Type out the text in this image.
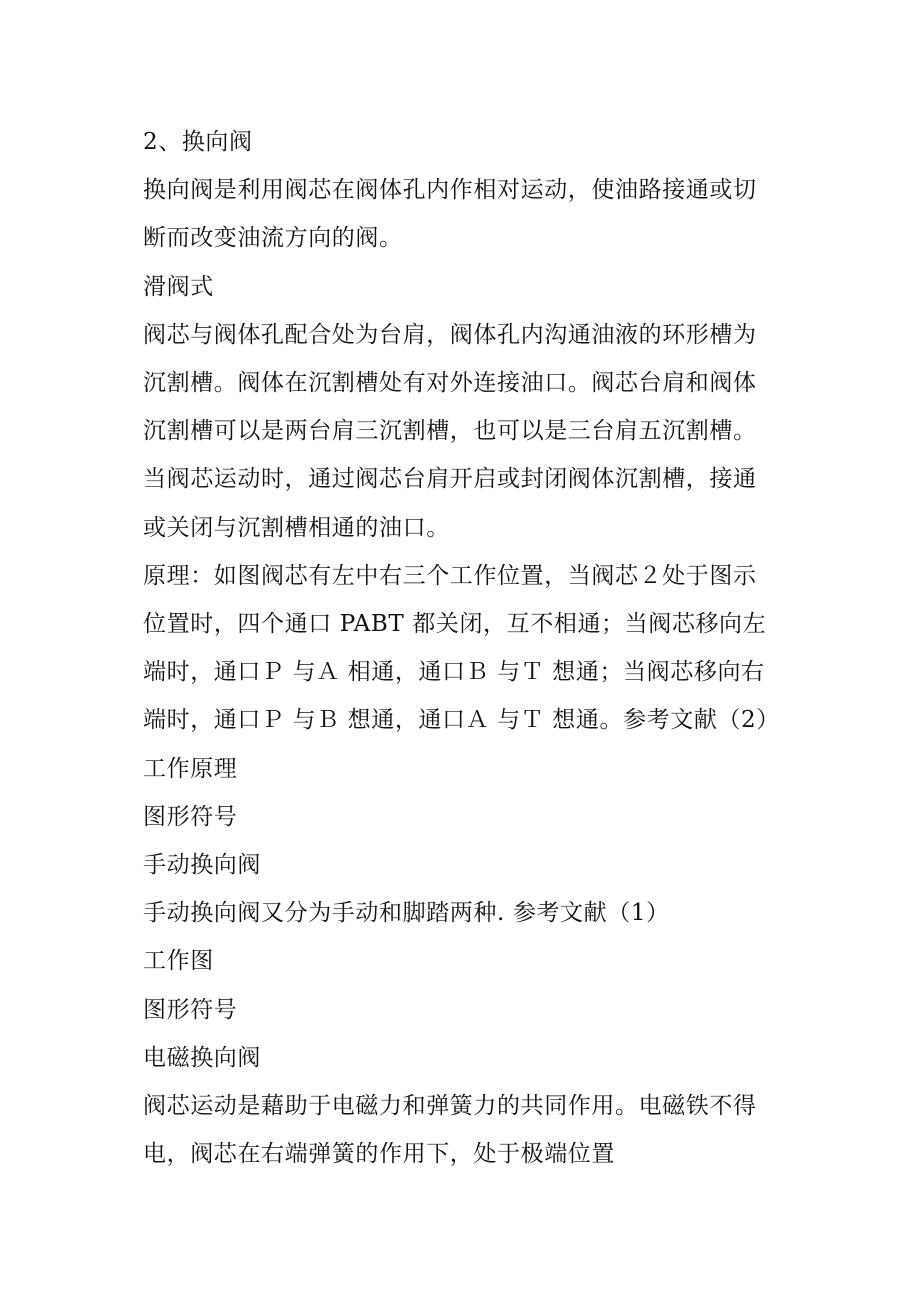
2、换向阀

换向阀是利用阀芯在阀体孔内作相对运动，使油路接通或切

断而改变油流方向的阀。

滑阀式

阀芯与阀体孔配合处为台肩，阀体孔内沟通油液的环形槽为

沉割槽。阀体在沉割槽处有对外连接油口。阀芯台肩和阀体

沉割槽可以是两台肩三沉割槽，也可以是三台肩五沉割槽。

当阀芯运动时，通过阀芯台肩开启或封闭阀体沉割槽，接通

或关闭与沉割槽相通的油口。

原理：如图阀芯有左中右三个工作位置，当阀芯２处于图示

位置时，四个通口 PABT 都关闭，互不相通；当阀芯移向左

端时，通口Ｐ 与Ａ 相通，通口Ｂ 与Ｔ 想通；当阀芯移向右

端时，通口Ｐ 与Ｂ 想通，通口Ａ 与Ｔ 想通。参考文献（2）

工作原理

图形符号

手动换向阀

手动换向阀又分为手动和脚踏两种. 参考文献（1）

工作图

图形符号

电磁换向阀

阀芯运动是藉助于电磁力和弹簧力的共同作用。电磁铁不得

电，阀芯在右端弹簧的作用下，处于极端位置
